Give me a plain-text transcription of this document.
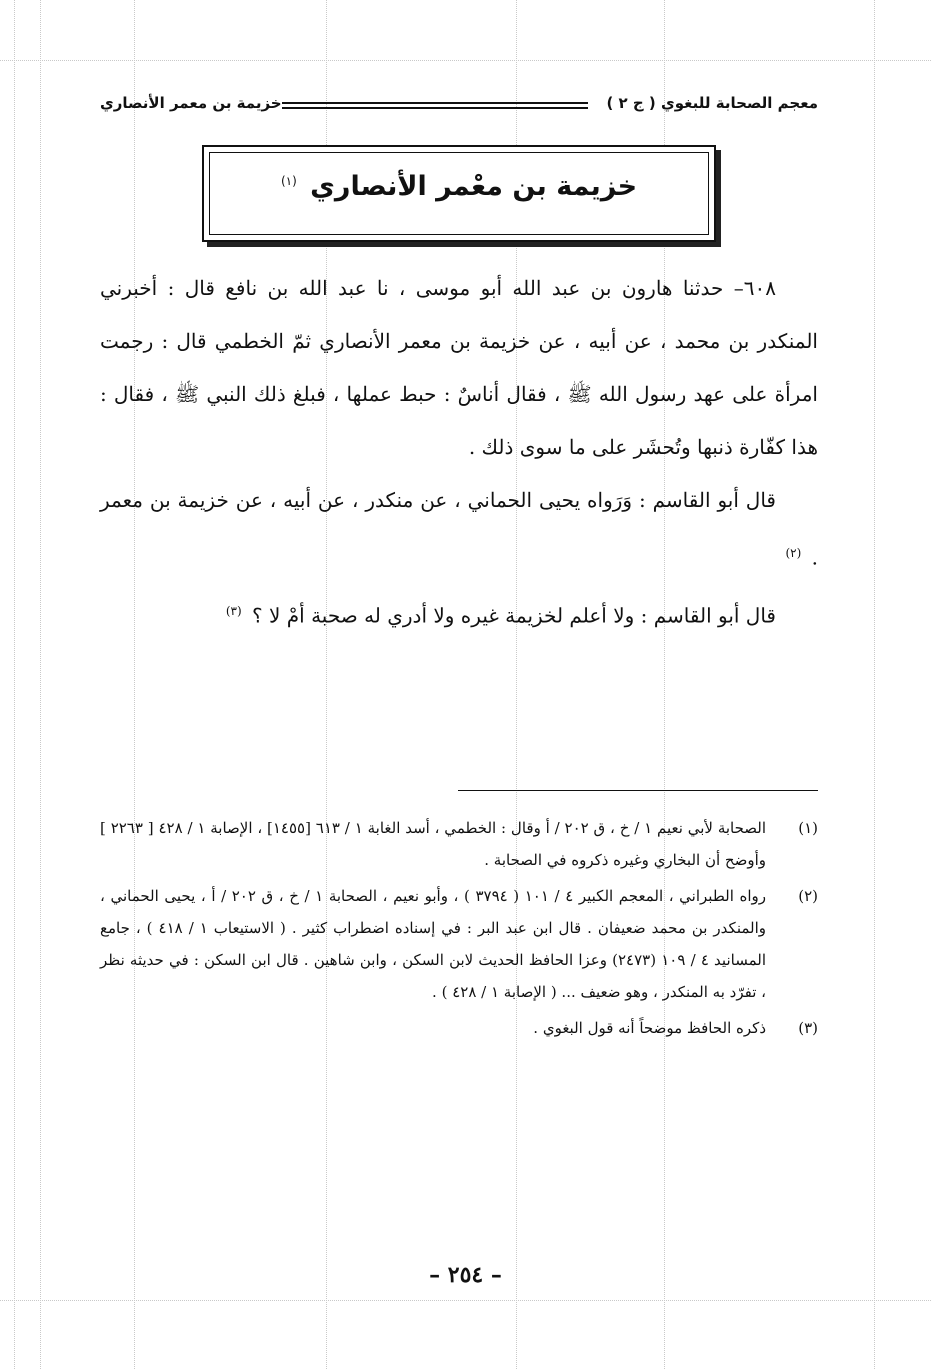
معجم الصحابة للبغوي ( ج ٢ )
خزيمة بن معمر الأنصاري
خزيمة بن معْمر الأنصاري $^{(١)}$

٦٠٨– حدثنا هارون بن عبد الله أبو موسى ، نا عبد الله بن نافع قال : أخبرني المنكدر بن محمد ، عن أبيه ، عن خزيمة بن معمر الأنصاري ثمّ الخطمي قال : رجمت امرأة على عهد رسول الله ﷺ ، فقال أناسٌ : حبط عملها ، فبلغ ذلك النبي ﷺ ، فقال : هذا كفّارة ذنبها وتُحشَر على ما سوى ذلك .

قال أبو القاسم : وَرَواه يحيى الحماني ، عن منكدر ، عن أبيه ، عن خزيمة بن معمر . $^{(٢)}$

قال أبو القاسم : ولا أعلم لخزيمة غيره ولا أدري له صحبة أمْ لا ؟ $^{(٣)}$

(١)
الصحابة لأبي نعيم ١ / خ ، ق ٢٠٢ / أ وقال : الخطمي ، أسد الغابة ١ / ٦١٣ [١٤٥٥] ، الإصابة ١ / ٤٢٨ [ ٢٢٦٣ ] وأوضح أن البخاري وغيره ذكروه في الصحابة .
(٢)
رواه الطبراني ، المعجم الكبير ٤ / ١٠١ ( ٣٧٩٤ ) ، وأبو نعيم ، الصحابة ١ / خ ، ق ٢٠٢ / أ ، يحيى الحماني ، والمنكدر بن محمد ضعيفان . قال ابن عبد البر : في إسناده اضطراب كثير . ( الاستيعاب ١ / ٤١٨ ) ، جامع المسانيد ٤ / ١٠٩ (٢٤٧٣) وعزا الحافظ الحديث لابن السكن ، وابن شاهين . قال ابن السكن : في حديثه نظر ، تفرّد به المنكدر ، وهو ضعيف ... ( الإصابة ١ / ٤٢٨ ) .
(٣)
ذكره الحافظ موضحاً أنه قول البغوي .
– ٢٥٤ –
